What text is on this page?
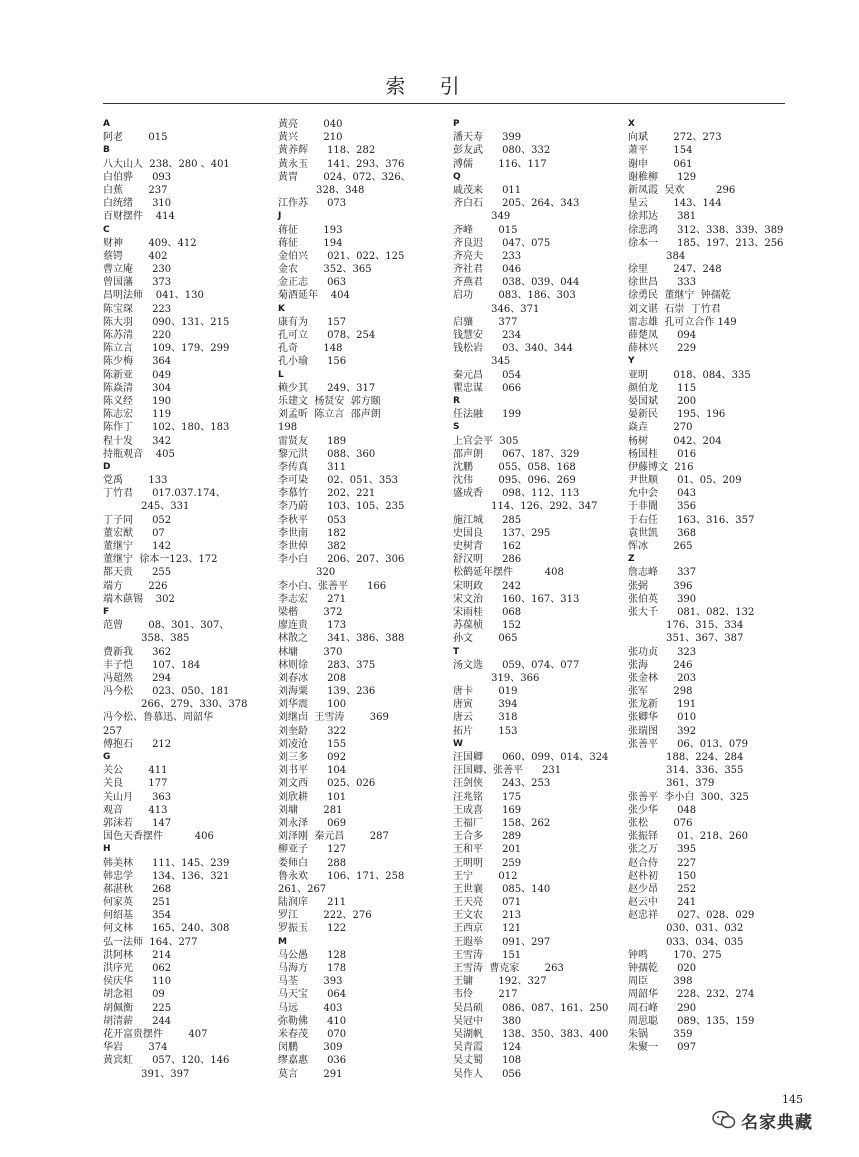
索 引
A
阿老        015
B
八大山人  238、280 、401
白伯骅      093
白蕉        237
白统绪      310
百财摆件    414
C
财神        409、412
蔡锷        402
曹立庵      230
曾国藩      373
昌明法师    041、130
陈宝琛      223
陈大羽      090、131、215
陈苏清      220
陈立言      109、179、299
陈少梅      364
陈新亚      049
陈焱清      304
陈义经      190
陈志宏      119
陈作丁      102、180、183
程十发      342
持瓶观音    405
D
党禹        133
丁竹君      017.037.174、
245、331
丁子同      052
董宏猷      07
董继宁      142
董继宁  徐本一123、172
都天贵      255
端方        226
端木蕻锡    302
F
范曾        08、301、307、
358、385
费新我      362
丰子恺      107、184
冯超然      294
冯今松      023、050、181
266、279、330、378
冯今松、鲁慕迅、周韶华
257
傅抱石      212
G
关公        411
关良        177
关山月      363
观音        413
郭沫若      147
国色天香摆件          406
H
韩美林      111、145、239
韩忠学      134、136、321
郝湛秋      268
何家英      251
何绍基      354
何文林      165、240、308
弘一法师  164、277
洪阿林      214
洪序光      062
侯庆华      110
胡念祖      09
胡佩衡      225
胡清薪      244
花开富贵摆件        407
华岩        374
黄宾虹      057、120、146
391、397
黄亮        040
黄兴        210
黄养辉      118、282
黄永玉      141、293、376
黄胄        024、072、326、
328、348
江作苏      073
J
蒋征        193
蒋征        194
金伯兴      021、022、125
金农        352、365
金正志      063
菊酒延年    404
K
康有为      157
孔可立      078、254
孔奇        148
孔小瑜      156
L
赖少其      249、317
乐建文  杨贤安  郭方颐
刘孟昕  陈立言  邵声朗
198
雷贤友      189
黎元洪      088、360
李传真      311
李可染      02、051、353
李慕竹      202、221
李乃蔚      103、105、235
李秋平      053
李世南      182
李世倬      382
李小白      206、207、306
320
李小白、张善平      166
李志宏      271
梁楷        372
廖连贵      173
林散之      341、386、388
林墉        370
林则徐      283、375
刘春冰      208
刘海粟      139、236
刘华震      100
刘继卣  王雪涛        369
刘奎龄      322
刘凌沧      155
刘三多      092
刘书平      104
刘文西      025、026
刘欣耕      101
刘墉        281
刘永泽      069
刘泽刚  秦元昌        287
柳亚子      127
娄师白      288
鲁永欢      106、171、258
261、267
陆润庠      211
罗江        222、276
罗振玉      122
M
马公愚      128
马海方      178
马荃        393
马天宝      064
马远        403
弥勒佛      410
米春茂      070
闵鹏        309
缪嘉惠      036
莫言        291
P
潘天寿      399
彭友武      080、332
溥儒        116、117
Q
戚茂来      011
齐白石      205、264、343
349
齐峰        015
齐良迟      047、075
齐亮夫      233
齐社君      046
齐燕君      038、039、044
启功        083、186、303
346、371
启骧        377
钱慧安      234
钱松岩      03、340、344
345
秦元昌      054
瞿忠谋      066
R
任法融      199
S
上官会平  305
邵声朗      067、187、329
沈鹏        055、058、168
沈伟        095、096、269
盛成香      098、112、113
114、126、292、347
施江城      285
史国良      137、295
史树青      162
舒汉明      286
松鹤延年摆件          408
宋明政      242
宋文治      160、167、313
宋雨桂      068
苏葆桢      152
孙文        065
T
汤文选      059、074、077
319、366
唐卡        019
唐寅        394
唐云        318
拓片        153
W
汪国卿      060、099、014、324
汪国卿、张善平      231
汪剑侠      243、253
汪兆铭      175
王成喜      169
王福厂      158、262
王合多      289
王和平      201
王明明      259
王宁        012
王世襄      085、140
王天亮      071
王文农      213
王西京      121
王遐举      091、297
王雪涛      151
王雪涛  曹克家        263
王镛        192、327
韦伶        217
吴昌硕      086、087、161、250
吴冠中      380
吴湖帆      138、350、383、400
吴青霞      124
吴丈蜀      108
吴作人      056
X
向斌        272、273
萧平        154
谢申        061
谢稚柳      129
新凤霞  吴欢          296
星云        143、144
徐邦达      381
徐悲鸿      312、338、339、389
徐本一      185、197、213、256
384
徐里        247、248
徐世昌      333
徐勇民  董继宁  钟孺乾
刘文谌  石崇  丁竹君
雷志雄  孔可立合作 149
薛楚凤      094
薛林兴      229
Y
亚明        018、084、335
颜伯龙      115
晏国斌      200
晏新民      195、196
焱垚        270
杨树        042、204
杨国桂      016
伊藤博文  216
尹世顺      01、05、209
允中会      043
于非闇      356
于右任      163、316、357
袁世凯      368
恽冰        265
Z
詹志峰      337
张弼        396
张伯英      390
张大千      081、082、132
176、315、334
351、367、387
张功贞      323
张海        246
张金林      203
张军        298
张龙新      191
张卿华      010
张瑞图      392
张善平      06、013、079
188、224、284
314、336、355
361、379
张善平  李小白  300、325
张少华      048
张松        076
张振铎      01、218、260
张之万      395
赵合侍      227
赵朴初      150
赵少昂      252
赵云中      241
赵忠祥      027、028、029
030、031、032
033、034、035
钟鸣        170、275
钟孺乾      020
周臣        398
周韶华      228、232、274
周石峰      290
周思聪      089、135、159
朱锅        359
朱聚一      097
145
名家典藏
